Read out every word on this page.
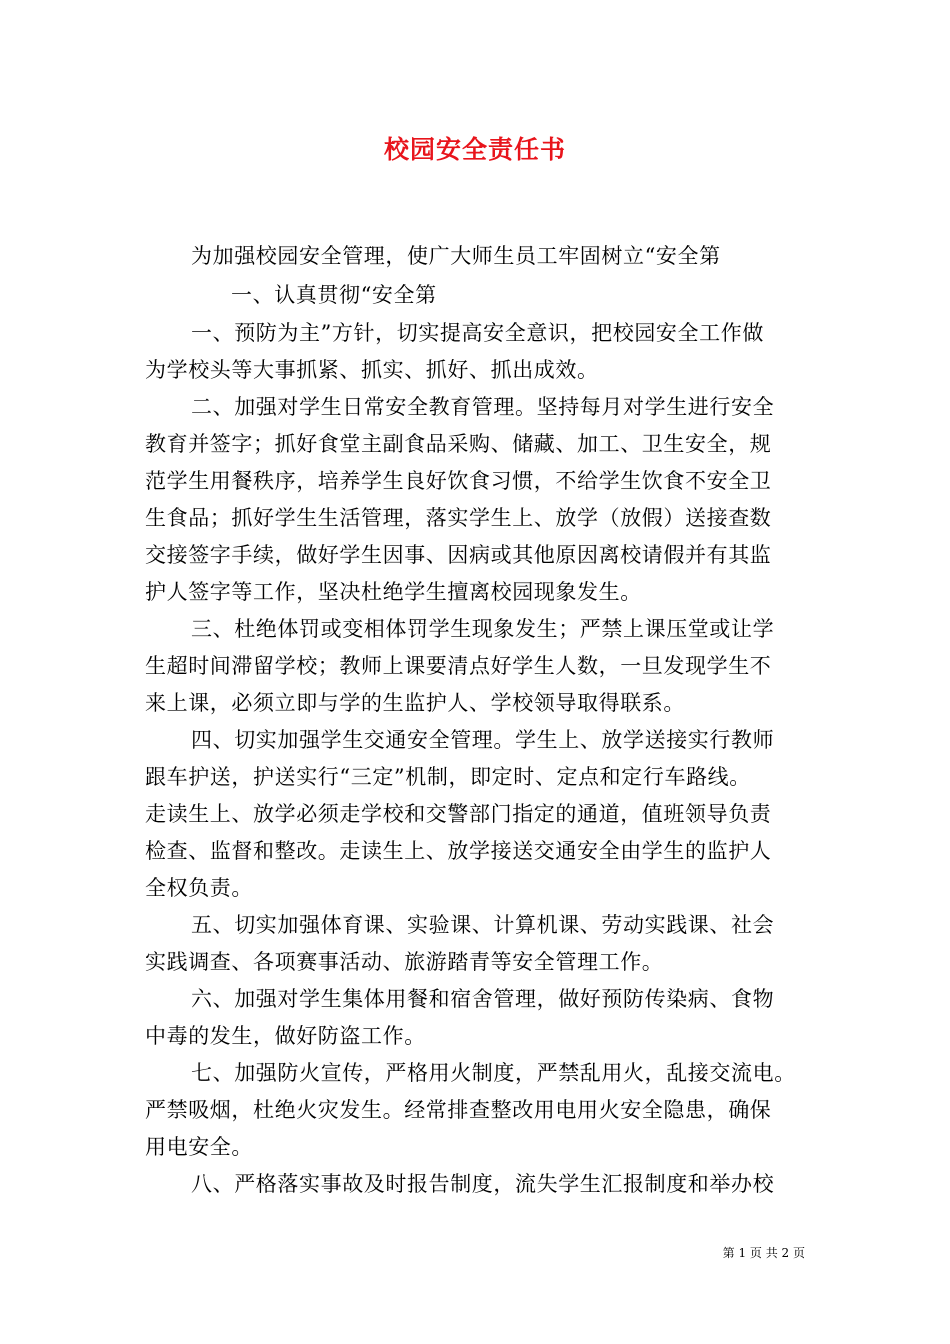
校园安全责任书
为加强校园安全管理，使广大师生员工牢固树立“安全第
一、认真贯彻“安全第
一、预防为主”方针，切实提高安全意识，把校园安全工作做
为学校头等大事抓紧、抓实、抓好、抓出成效。
二、加强对学生日常安全教育管理。坚持每月对学生进行安全
教育并签字；抓好食堂主副食品采购、储藏、加工、卫生安全，规
范学生用餐秩序，培养学生良好饮食习惯，不给学生饮食不安全卫
生食品；抓好学生生活管理，落实学生上、放学（放假）送接查数
交接签字手续，做好学生因事、因病或其他原因离校请假并有其监
护人签字等工作，坚决杜绝学生擅离校园现象发生。
三、杜绝体罚或变相体罚学生现象发生；严禁上课压堂或让学
生超时间滞留学校；教师上课要清点好学生人数，一旦发现学生不
来上课，必须立即与学的生监护人、学校领导取得联系。
四、切实加强学生交通安全管理。学生上、放学送接实行教师
跟车护送，护送实行“三定”机制，即定时、定点和定行车路线。
走读生上、放学必须走学校和交警部门指定的通道，值班领导负责
检查、监督和整改。走读生上、放学接送交通安全由学生的监护人
全权负责。
五、切实加强体育课、实验课、计算机课、劳动实践课、社会
实践调查、各项赛事活动、旅游踏青等安全管理工作。
六、加强对学生集体用餐和宿舍管理，做好预防传染病、食物
中毒的发生，做好防盗工作。
七、加强防火宣传，严格用火制度，严禁乱用火，乱接交流电。
严禁吸烟，杜绝火灾发生。经常排查整改用电用火安全隐患，确保
用电安全。
八、严格落实事故及时报告制度，流失学生汇报制度和举办校
第 1 页 共 2 页
